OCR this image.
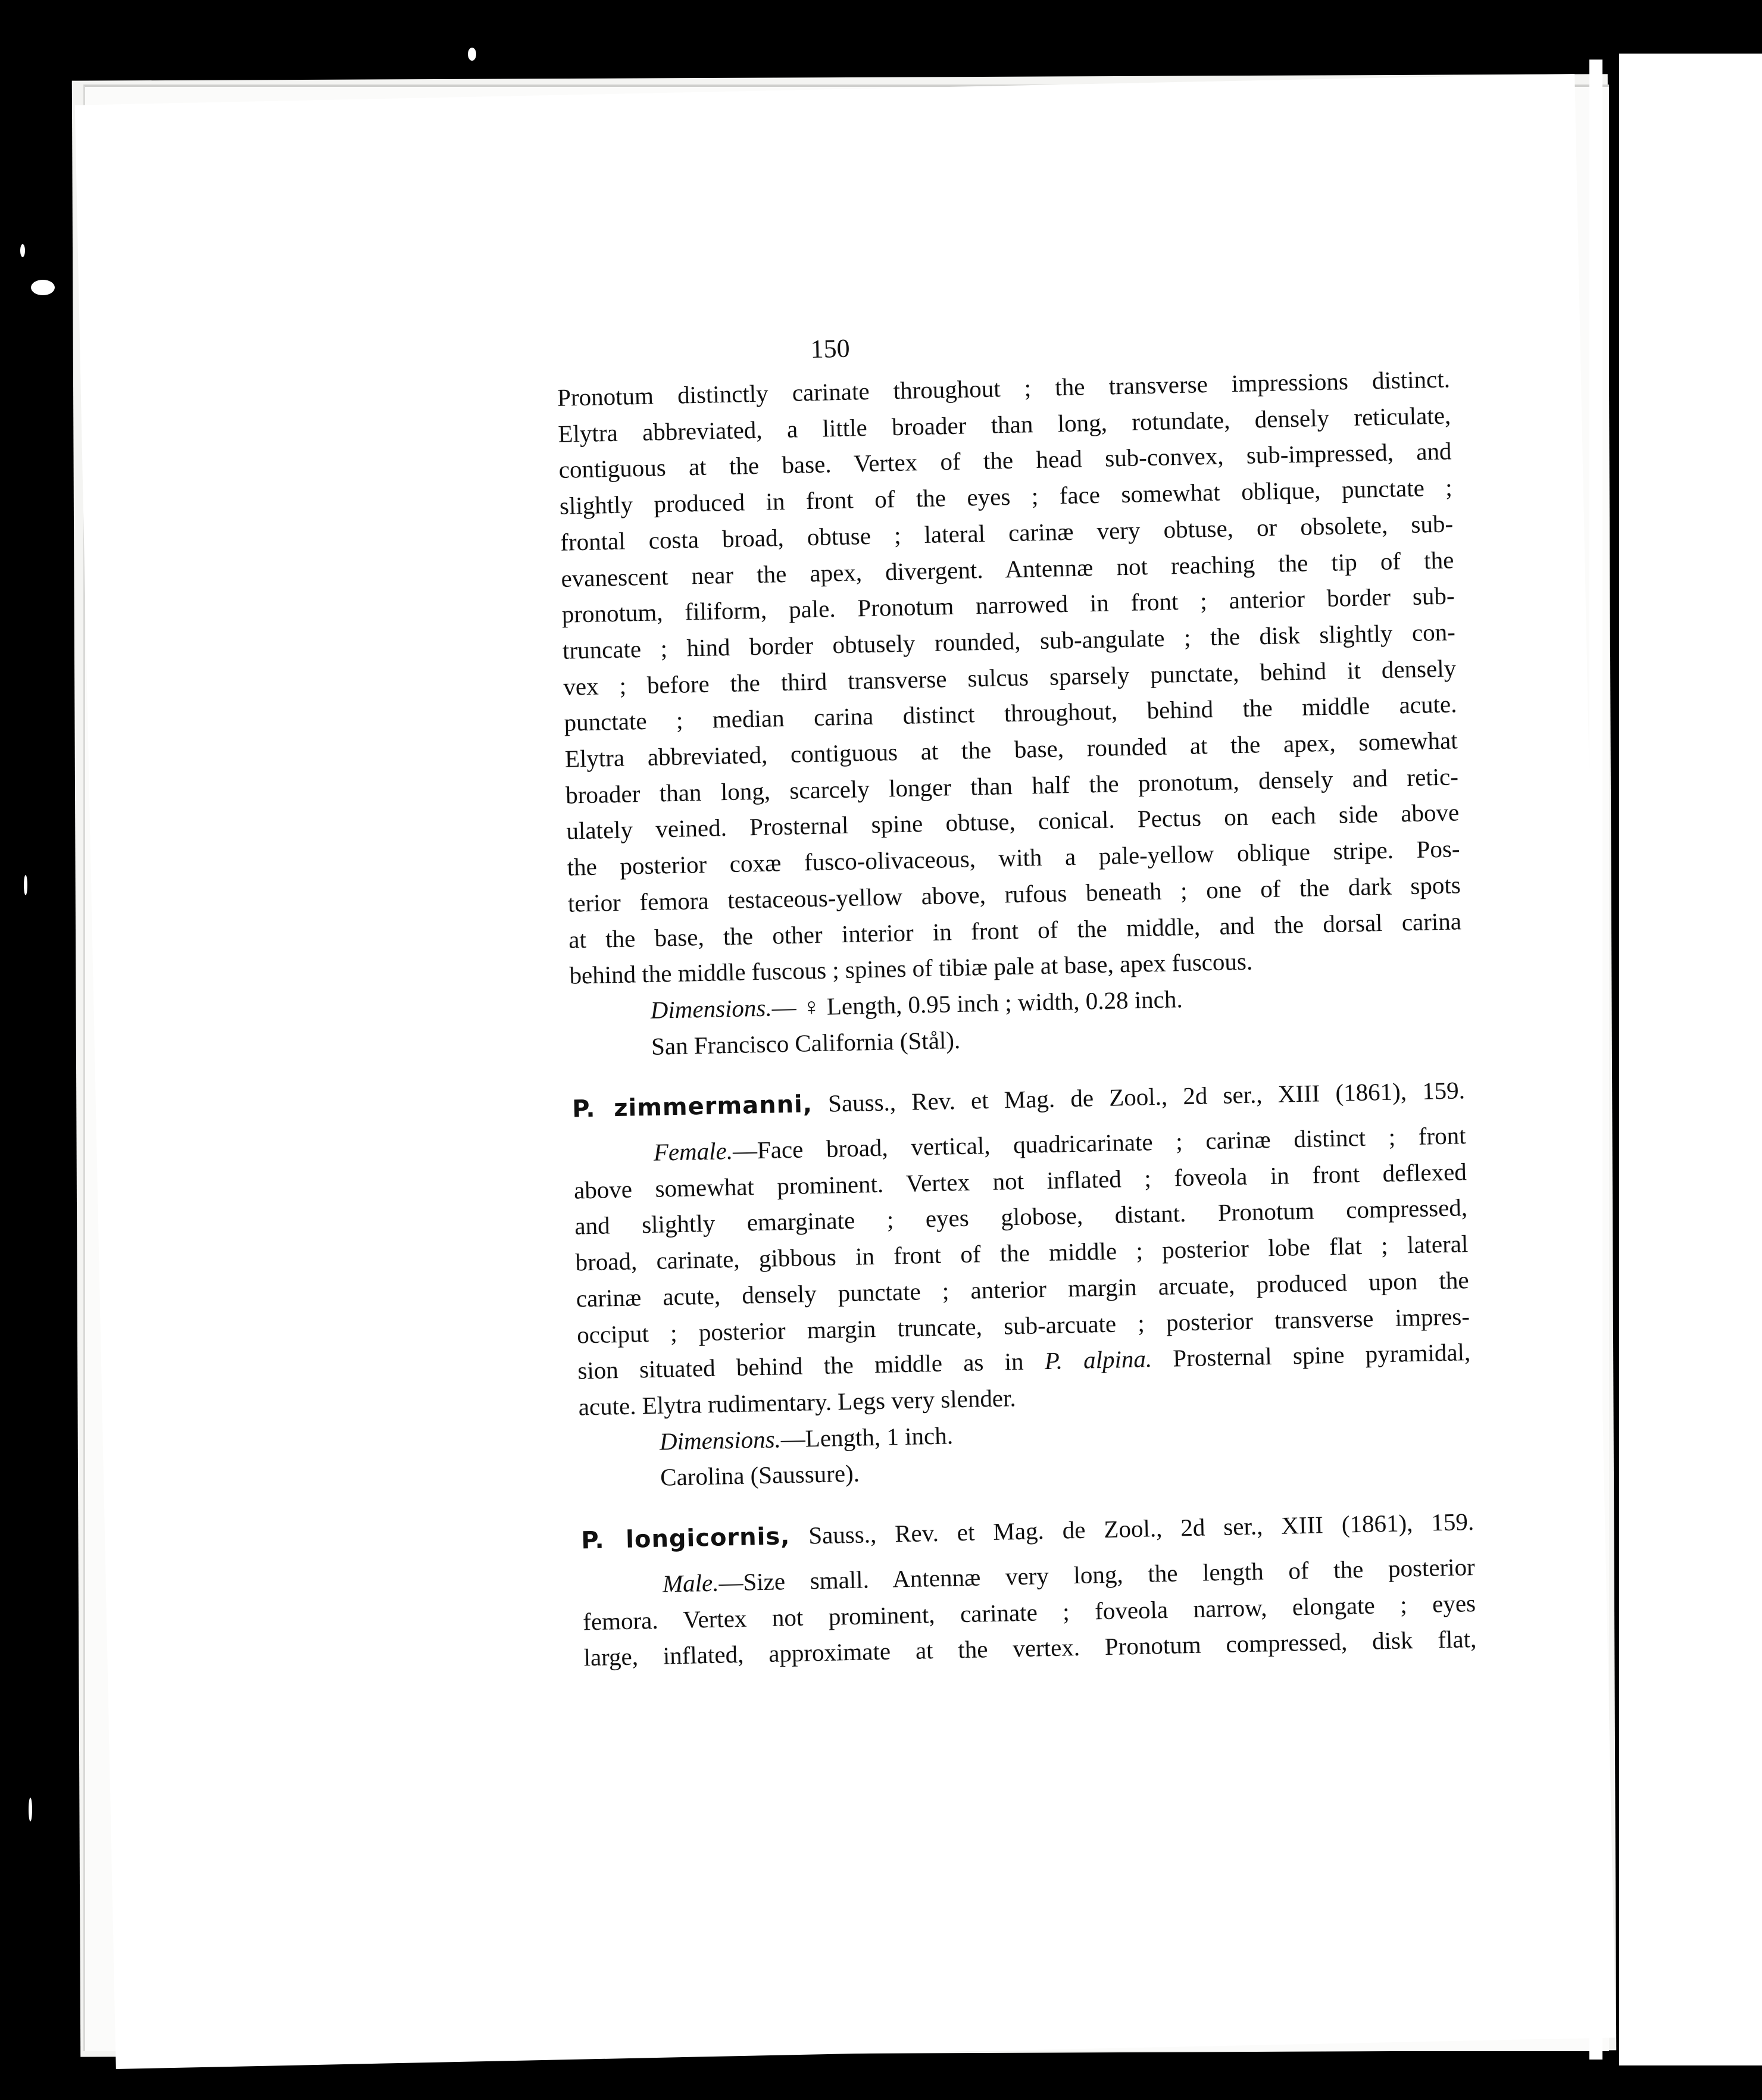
150

Pronotum distinctly carinate throughout ; the transverse impressions distinct.
Elytra abbreviated, a little broader than long, rotundate, densely reticulate,
contiguous at the base. Vertex of the head sub-convex, sub-impressed, and
slightly produced in front of the eyes ; face somewhat oblique, punctate ;
frontal costa broad, obtuse ; lateral carinæ very obtuse, or obsolete, sub-
evanescent near the apex, divergent. Antennæ not reaching the tip of the
pronotum, filiform, pale. Pronotum narrowed in front ; anterior border sub-
truncate ; hind border obtusely rounded, sub-angulate ; the disk slightly con-
vex ; before the third transverse sulcus sparsely punctate, behind it densely
punctate ; median carina distinct throughout, behind the middle acute.
Elytra abbreviated, contiguous at the base, rounded at the apex, somewhat
broader than long, scarcely longer than half the pronotum, densely and retic-
ulately veined. Prosternal spine obtuse, conical. Pectus on each side above
the posterior coxæ fusco-olivaceous, with a pale-yellow oblique stripe. Pos-
terior femora testaceous-yellow above, rufous beneath ; one of the dark spots
at the base, the other interior in front of the middle, and the dorsal carina
behind the middle fuscous ; spines of tibiæ pale at base, apex fuscous.

Dimensions.— ♀ Length, 0.95 inch ; width, 0.28 inch.

San Francisco California (Stål).

P. zimmermanni, Sauss., Rev. et Mag. de Zool., 2d ser., XIII (1861), 159.

Female.—Face broad, vertical, quadricarinate ; carinæ distinct ; front
above somewhat prominent. Vertex not inflated ; foveola in front deflexed
and slightly emarginate ; eyes globose, distant. Pronotum compressed,
broad, carinate, gibbous in front of the middle ; posterior lobe flat ; lateral
carinæ acute, densely punctate ; anterior margin arcuate, produced upon the
occiput ; posterior margin truncate, sub-arcuate ; posterior transverse impres-
sion situated behind the middle as in P. alpina. Prosternal spine pyramidal,
acute. Elytra rudimentary. Legs very slender.

Dimensions.—Length, 1 inch.

Carolina (Saussure).

P. longicornis, Sauss., Rev. et Mag. de Zool., 2d ser., XIII (1861), 159.

Male.—Size small. Antennæ very long, the length of the posterior
femora. Vertex not prominent, carinate ; foveola narrow, elongate ; eyes
large, inflated, approximate at the vertex. Pronotum compressed, disk flat,
